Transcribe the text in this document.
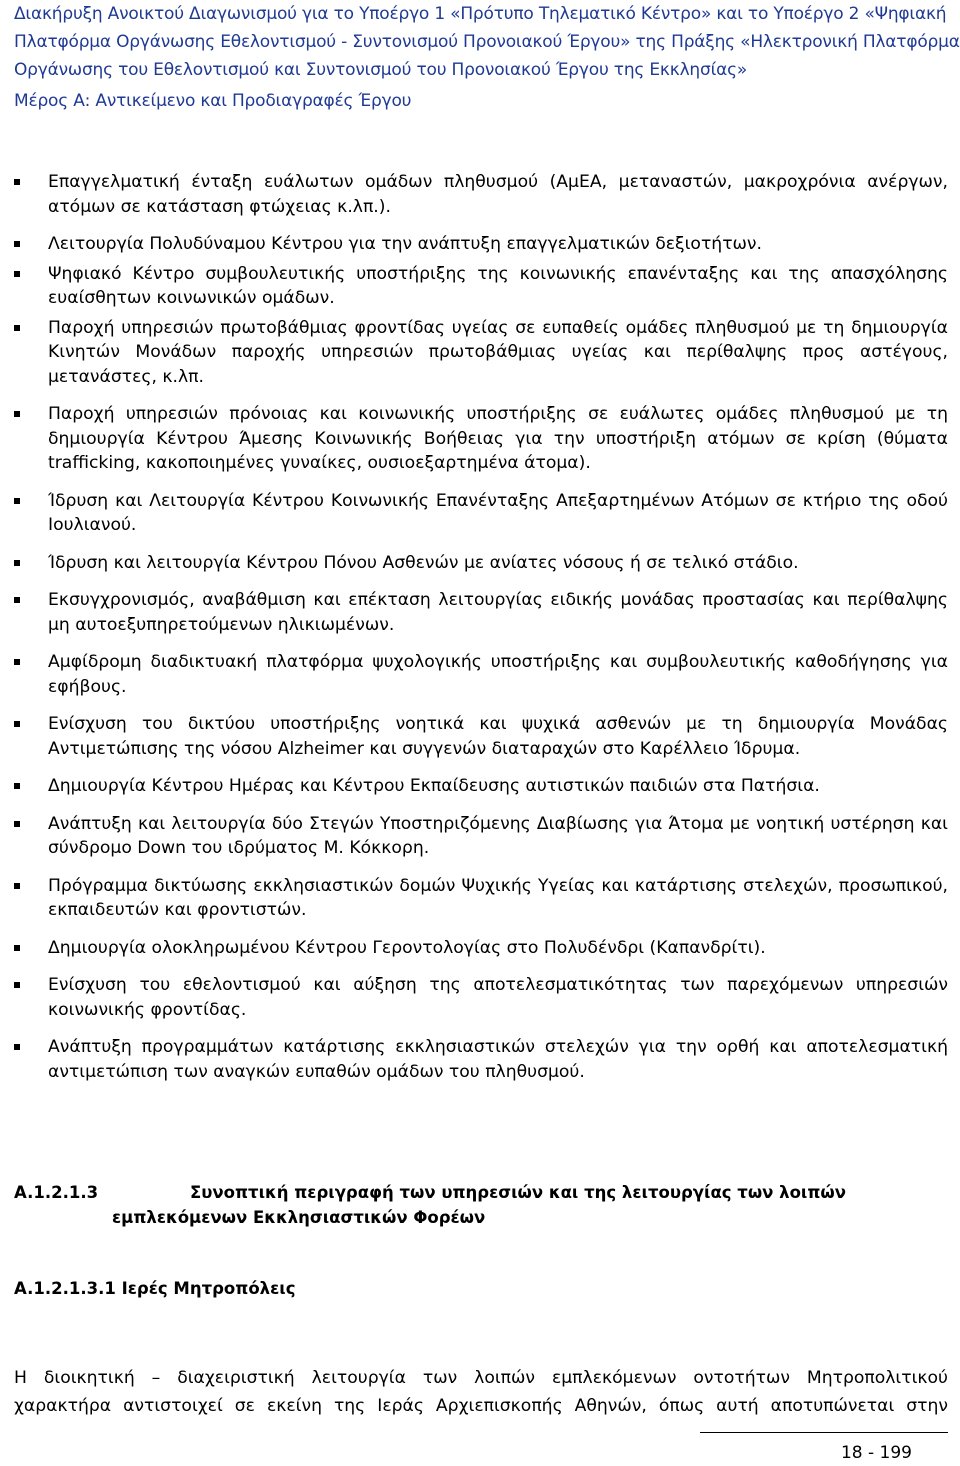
Διακήρυξη Ανοικτού Διαγωνισμού για το Υποέργο 1 «Πρότυπο Τηλεματικό Κέντρο» και το Υποέργο 2 «Ψηφιακή
Πλατφόρμα Οργάνωσης Εθελοντισμού - Συντονισμού Προνοιακού Έργου» της Πράξης «Ηλεκτρονική Πλατφόρμα
Οργάνωσης του Εθελοντισμού και Συντονισμού του Προνοιακού Έργου της Εκκλησίας»
Μέρος Α: Αντικείμενο και Προδιαγραφές Έργου
Επαγγελματική ένταξη ευάλωτων ομάδων πληθυσμού (ΑμΕΑ, μεταναστών, μακροχρόνια ανέργων, ατόμων σε κατάσταση φτώχειας κ.λπ.).
Λειτουργία Πολυδύναμου Κέντρου για την ανάπτυξη επαγγελματικών δεξιοτήτων.
Ψηφιακό Κέντρο συμβουλευτικής υποστήριξης της κοινωνικής επανένταξης και της απασχόλησης ευαίσθητων κοινωνικών ομάδων.
Παροχή υπηρεσιών πρωτοβάθμιας φροντίδας υγείας σε ευπαθείς ομάδες πληθυσμού με τη δημιουργία Κινητών Μονάδων παροχής υπηρεσιών πρωτοβάθμιας υγείας και περίθαλψης προς αστέγους, μετανάστες, κ.λπ.
Παροχή υπηρεσιών πρόνοιας και κοινωνικής υποστήριξης σε ευάλωτες ομάδες πληθυσμού με τη δημιουργία Κέντρου Άμεσης Κοινωνικής Βοήθειας για την υποστήριξη ατόμων σε κρίση (θύματα trafficking, κακοποιημένες γυναίκες, ουσιοεξαρτημένα άτομα).
Ίδρυση και Λειτουργία Κέντρου Κοινωνικής Επανένταξης Απεξαρτημένων Ατόμων σε κτήριο της οδού Ιουλιανού.
Ίδρυση και λειτουργία Κέντρου Πόνου Ασθενών με ανίατες νόσους ή σε τελικό στάδιο.
Εκσυγχρονισμός, αναβάθμιση και επέκταση λειτουργίας ειδικής μονάδας προστασίας και περίθαλψης μη αυτοεξυπηρετούμενων ηλικιωμένων.
Αμφίδρομη διαδικτυακή πλατφόρμα ψυχολογικής υποστήριξης και συμβουλευτικής καθοδήγησης για εφήβους.
Ενίσχυση του δικτύου υποστήριξης νοητικά και ψυχικά ασθενών με τη δημιουργία Μονάδας Αντιμετώπισης της νόσου Alzheimer και συγγενών διαταραχών στο Καρέλλειο Ίδρυμα.
Δημιουργία Κέντρου Ημέρας και Κέντρου Εκπαίδευσης αυτιστικών παιδιών στα Πατήσια.
Ανάπτυξη και λειτουργία δύο Στεγών Υποστηριζόμενης Διαβίωσης για Άτομα με νοητική υστέρηση και σύνδρομο Down του ιδρύματος Μ. Κόκκορη.
Πρόγραμμα δικτύωσης εκκλησιαστικών δομών Ψυχικής Υγείας και κατάρτισης στελεχών, προσωπικού, εκπαιδευτών και φροντιστών.
Δημιουργία ολοκληρωμένου Κέντρου Γεροντολογίας στο Πολυδένδρι (Καπανδρίτι).
Ενίσχυση του εθελοντισμού και αύξηση της αποτελεσματικότητας των παρεχόμενων υπηρεσιών κοινωνικής φροντίδας.
Ανάπτυξη προγραμμάτων κατάρτισης εκκλησιαστικών στελεχών για την ορθή και αποτελεσματική αντιμετώπιση των αναγκών ευπαθών ομάδων του πληθυσμού.
A.1.2.1.3	Συνοπτική περιγραφή των υπηρεσιών και της λειτουργίας των λοιπών
εμπλεκόμενων Εκκλησιαστικών Φορέων
A.1.2.1.3.1 Ιερές Μητροπόλεις
Η διοικητική – διαχειριστική λειτουργία των λοιπών εμπλεκόμενων οντοτήτων Μητροπολιτικού
χαρακτήρα αντιστοιχεί σε εκείνη της Ιεράς Αρχιεπισκοπής Αθηνών, όπως αυτή αποτυπώνεται στην
18 - 199
